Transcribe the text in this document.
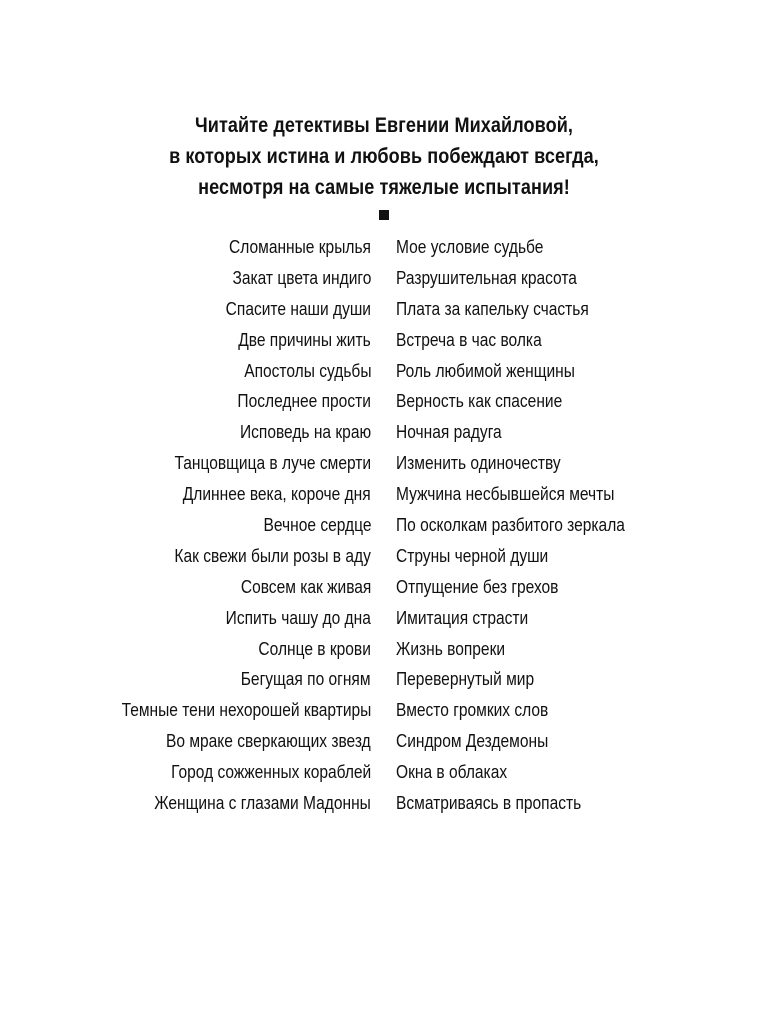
Читайте детективы Евгении Михайловой,
в которых истина и любовь побеждают всегда,
несмотря на самые тяжелые испытания!
Сломанные крылья Мое условие судьбе
Закат цвета индиго Разрушительная красота
Спасите наши души Плата за капельку счастья
Две причины жить Встреча в час волка
Апостолы судьбы Роль любимой женщины
Последнее прости Верность как спасение
Исповедь на краю Ночная радуга
Танцовщица в луче смерти Изменить одиночеству
Длиннее века, короче дня Мужчина несбывшейся мечты
Вечное сердце По осколкам разбитого зеркала
Как свежи были розы в аду Струны черной души
Совсем как живая Отпущение без грехов
Испить чашу до дна Имитация страсти
Солнце в крови Жизнь вопреки
Бегущая по огням Перевернутый мир
Темные тени нехорошей квартиры Вместо громких слов
Во мраке сверкающих звезд Синдром Дездемоны
Город сожженных кораблей Окна в облаках
Женщина с глазами Мадонны Всматриваясь в пропасть
